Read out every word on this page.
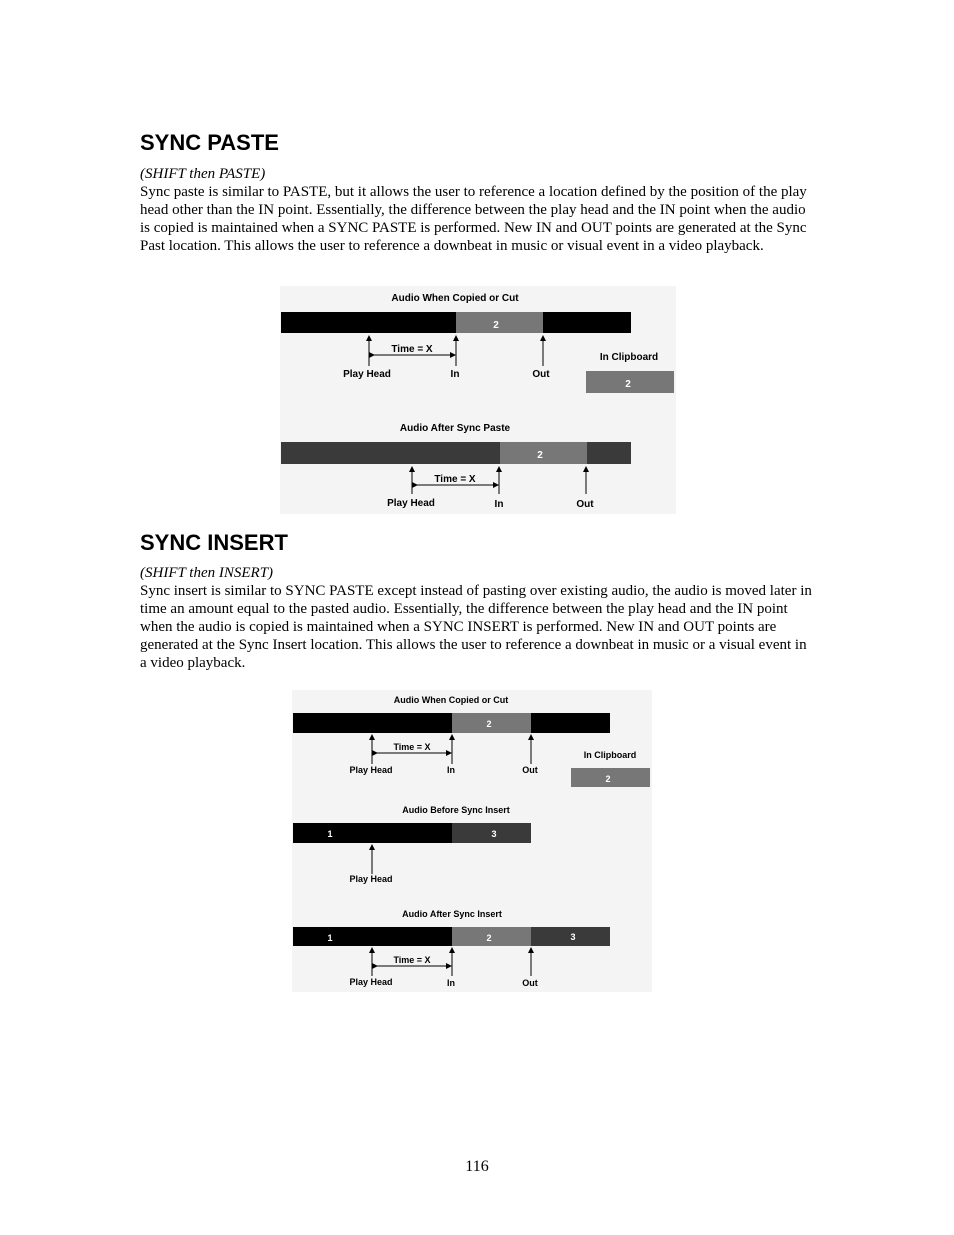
SYNC PASTE
(SHIFT then PASTE)
Sync paste is similar to PASTE, but it allows the user to reference a location defined by the position of the play head other than the IN point. Essentially, the difference between the play head and the IN point when the audio is copied is maintained when a SYNC PASTE is performed. New IN and OUT points are generated at the Sync Past location. This allows the user to reference a downbeat in music or visual event in a video playback.
Audio When Copied or Cut
2
Time = X
Play Head	In	Out
In Clipboard
2
Audio After Sync Paste
2
Time = X
Play Head	In	Out
SYNC INSERT
(SHIFT then INSERT)
Sync insert is similar to SYNC PASTE except instead of pasting over existing audio, the audio is moved later in time an amount equal to the pasted audio. Essentially, the difference between the play head and the IN point when the audio is copied is maintained when a SYNC INSERT is performed. New IN and OUT points are generated at the Sync Insert location. This allows the user to reference a downbeat in music or a visual event in a video playback.
Audio When Copied or Cut
2
Time = X
Play Head	In	Out
In Clipboard
2
Audio Before Sync Insert
1	3
Play Head
Audio After Sync Insert
1	2	3
Time = X
Play Head	In	Out
116
